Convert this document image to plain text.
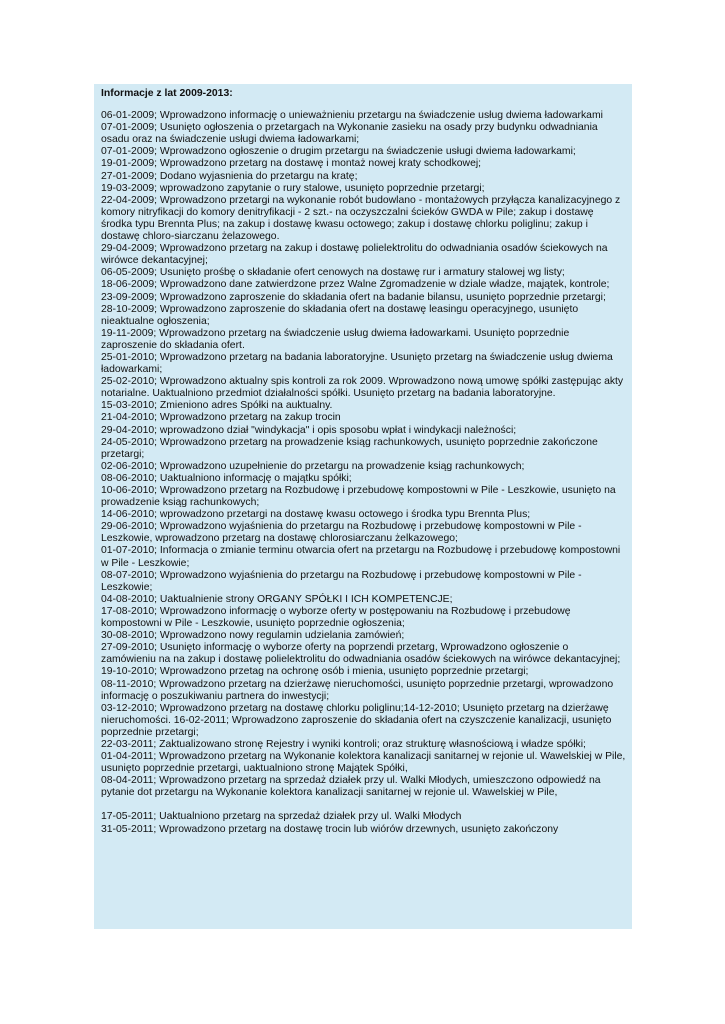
Informacje z lat 2009-2013:

06-01-2009; Wprowadzono informację o unieważnieniu przetargu na świadczenie usług dwiema ładowarkami

07-01-2009; Usunięto ogłoszenia o przetargach na Wykonanie zasieku na osady przy budynku odwadniania osadu oraz na świadczenie usługi dwiema ładowarkami;

07-01-2009; Wprowadzono ogłoszenie o drugim przetargu na świadczenie usługi dwiema ładowarkami;

19-01-2009; Wprowadzono przetarg na dostawę i montaż nowej kraty schodkowej;

27-01-2009; Dodano wyjasnienia do przetargu na kratę;

19-03-2009; wprowadzono zapytanie o rury stalowe, usunięto poprzednie przetargi;

22-04-2009; Wprowadzono przetargi na wykonanie robót budowlano - montażowych przyłącza kanalizacyjnego z komory nitryfikacji do komory denitryfikacji - 2 szt.- na oczyszczalni ścieków GWDA w Pile; zakup i dostawę środka typu Brennta Plus; na zakup i dostawę kwasu octowego; zakup i dostawę chlorku poliglinu; zakup i dostawę chloro-siarczanu żelazowego.

29-04-2009; Wprowadzono przetarg na zakup i dostawę polielektrolitu do odwadniania osadów ściekowych na wirówce dekantacyjnej;

06-05-2009; Usunięto prośbę o składanie ofert cenowych na dostawę rur i armatury stalowej wg listy;

18-06-2009; Wprowadzono dane zatwierdzone przez Walne Zgromadzenie w dziale władze, majątek, kontrole;

23-09-2009; Wprowadzono zaproszenie do składania ofert na badanie bilansu, usunięto poprzednie przetargi;

28-10-2009; Wprowadzono zaproszenie do składania ofert na dostawę leasingu operacyjnego, usunięto nieaktualne ogłoszenia;

19-11-2009; Wprowadzono przetarg na świadczenie usług dwiema ładowarkami. Usunięto poprzednie zaproszenie do składania ofert.

25-01-2010; Wprowadzono przetarg na badania laboratoryjne. Usunięto przetarg na świadczenie usług dwiema ładowarkami;

25-02-2010; Wprowadzono aktualny spis kontroli za rok 2009. Wprowadzono nową umowę spółki zastępując akty notarialne. Uaktualniono przedmiot działalności spółki. Usunięto przetarg na badania laboratoryjne.

15-03-2010; Zmieniono adres Spółki na auktualny.

21-04-2010; Wprowadzono przetarg na zakup trocin

29-04-2010; wprowadzono dział "windykacja" i opis sposobu wpłat i windykacji należności;

24-05-2010; Wprowadzono przetarg na prowadzenie ksiąg rachunkowych, usunięto poprzednie zakończone przetargi;

02-06-2010; Wprowadzono uzupełnienie do przetargu na prowadzenie ksiąg rachunkowych;

08-06-2010; Uaktualniono informację o majątku spółki;

10-06-2010; Wprowadzono przetarg na Rozbudowę i przebudowę kompostowni w Pile - Leszkowie, usunięto na prowadzenie ksiąg rachunkowych;

14-06-2010; wprowadzono przetargi na dostawę kwasu octowego i środka typu Brennta Plus;

29-06-2010; Wprowadzono wyjaśnienia do przetargu na Rozbudowę i przebudowę kompostowni w Pile - Leszkowie, wprowadzono przetarg na dostawę chlorosiarczanu żelkazowego;

01-07-2010; Informacja o zmianie terminu otwarcia ofert na przetargu na Rozbudowę i przebudowę kompostowni w Pile - Leszkowie;

08-07-2010; Wprowadzono wyjaśnienia do przetargu na Rozbudowę i przebudowę kompostowni w Pile - Leszkowie;

04-08-2010; Uaktualnienie strony ORGANY SPÓŁKI I ICH KOMPETENCJE;

17-08-2010; Wprowadzono informację o wyborze oferty w postępowaniu na Rozbudowę i przebudowę kompostowni w Pile - Leszkowie, usunięto poprzednie ogłoszenia;

30-08-2010; Wprowadzono nowy regulamin udzielania zamówień;

27-09-2010; Usunięto informację o wyborze oferty na poprzendi przetarg, Wprowadzono ogłoszenie o zamówieniu na na zakup i dostawę polielektrolitu do odwadniania osadów ściekowych na wirówce dekantacyjnej;

19-10-2010; Wprowadzono przetag na ochronę osób i mienia, usunięto poprzednie przetargi;

08-11-2010; Wprowadzono przetarg na dzierżawę nieruchomości, usunięto poprzednie przetargi, wprowadzono informację o poszukiwaniu partnera do inwestycji;

03-12-2010; Wprowadzono przetarg na dostawę chlorku poliglinu;14-12-2010; Usunięto przetarg na dzierżawę nieruchomości. 16-02-2011; Wprowadzono zaproszenie do składania ofert na czyszczenie kanalizacji, usunięto poprzednie przetargi;

22-03-2011; Zaktualizowano stronę Rejestry i wyniki kontroli; oraz strukturę własnościową i władze spółki;

01-04-2011; Wprowadzono przetarg na Wykonanie kolektora kanalizacji sanitarnej w rejonie ul. Wawelskiej w Pile, usunięto poprzednie przetargi, uaktualniono stronę Majątek Spółki,

08-04-2011; Wprowadzono przetarg na sprzedaż działek przy ul. Walki Młodych, umieszczono odpowiedź na pytanie dot przetargu na Wykonanie kolektora kanalizacji sanitarnej w rejonie ul. Wawelskiej w Pile,

17-05-2011; Uaktualniono przetarg na sprzedaż działek przy ul. Walki Młodych

31-05-2011; Wprowadzono przetarg na dostawę trocin lub wiórów drzewnych, usunięto zakończony
